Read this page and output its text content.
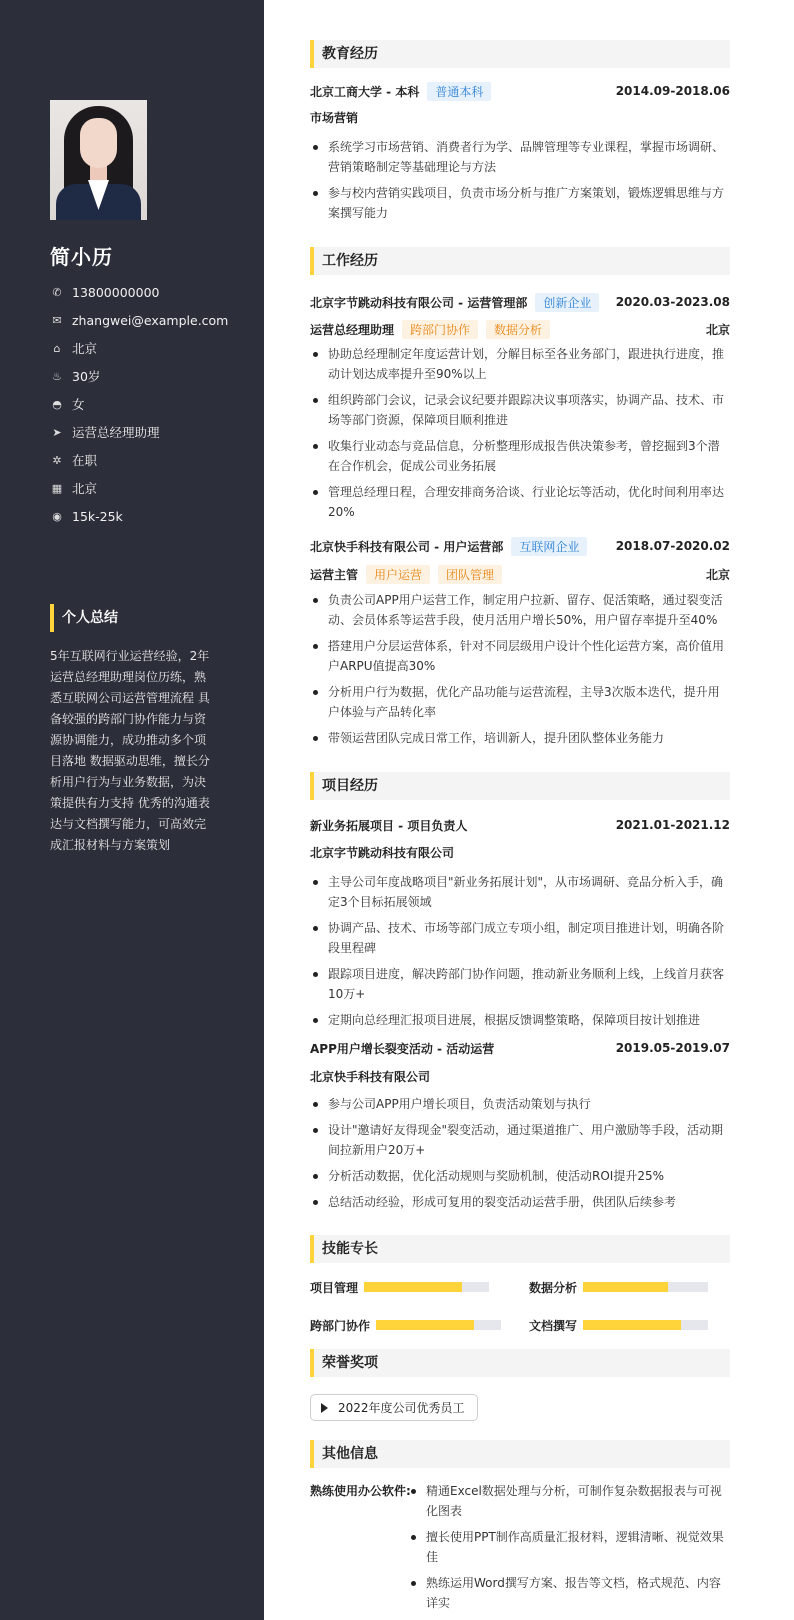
简小历
✆ 13800000000
✉ zhangwei@example.com
⌂ 北京
♨ 30岁
◓ 女
➤ 运营总经理助理
✲ 在职
▦ 北京
◉ 15k-25k
个人总结
5年互联网行业运营经验，2年运营总经理助理岗位历练，熟悉互联网公司运营管理流程 具备较强的跨部门协作能力与资源协调能力，成功推动多个项目落地 数据驱动思维，擅长分析用户行为与业务数据，为决策提供有力支持 优秀的沟通表达与文档撰写能力，可高效完成汇报材料与方案策划
教育经历
北京工商大学 - 本科	普通本科	2014.09-2018.06
市场营销
系统学习市场营销、消费者行为学、品牌管理等专业课程，掌握市场调研、营销策略制定等基础理论与方法
参与校内营销实践项目，负责市场分析与推广方案策划，锻炼逻辑思维与方案撰写能力
工作经历
北京字节跳动科技有限公司 - 运营管理部	创新企业	2020.03-2023.08
运营总经理助理	跨部门协作	数据分析	北京
协助总经理制定年度运营计划，分解目标至各业务部门，跟进执行进度，推动计划达成率提升至90%以上
组织跨部门会议，记录会议纪要并跟踪决议事项落实，协调产品、技术、市场等部门资源，保障项目顺利推进
收集行业动态与竞品信息，分析整理形成报告供决策参考，曾挖掘到3个潜在合作机会，促成公司业务拓展
管理总经理日程，合理安排商务洽谈、行业论坛等活动，优化时间利用率达20%
北京快手科技有限公司 - 用户运营部	互联网企业	2018.07-2020.02
运营主管	用户运营	团队管理	北京
负责公司APP用户运营工作，制定用户拉新、留存、促活策略，通过裂变活动、会员体系等运营手段，使月活用户增长50%，用户留存率提升至40%
搭建用户分层运营体系，针对不同层级用户设计个性化运营方案，高价值用户ARPU值提高30%
分析用户行为数据，优化产品功能与运营流程，主导3次版本迭代，提升用户体验与产品转化率
带领运营团队完成日常工作，培训新人，提升团队整体业务能力
项目经历
新业务拓展项目 - 项目负责人	2021.01-2021.12
北京字节跳动科技有限公司
主导公司年度战略项目"新业务拓展计划"，从市场调研、竞品分析入手，确定3个目标拓展领域
协调产品、技术、市场等部门成立专项小组，制定项目推进计划，明确各阶段里程碑
跟踪项目进度，解决跨部门协作问题，推动新业务顺利上线，上线首月获客10万+
定期向总经理汇报项目进展，根据反馈调整策略，保障项目按计划推进
APP用户增长裂变活动 - 活动运营	2019.05-2019.07
北京快手科技有限公司
参与公司APP用户增长项目，负责活动策划与执行
设计"邀请好友得现金"裂变活动，通过渠道推广、用户激励等手段，活动期间拉新用户20万+
分析活动数据，优化活动规则与奖励机制，使活动ROI提升25%
总结活动经验，形成可复用的裂变活动运营手册，供团队后续参考
技能专长
项目管理	数据分析
跨部门协作	文档撰写
荣誉奖项
2022年度公司优秀员工
其他信息
熟练使用办公软件:	精通Excel数据处理与分析，可制作复杂数据报表与可视化图表
擅长使用PPT制作高质量汇报材料，逻辑清晰、视觉效果佳
熟练运用Word撰写方案、报告等文档，格式规范、内容详实
